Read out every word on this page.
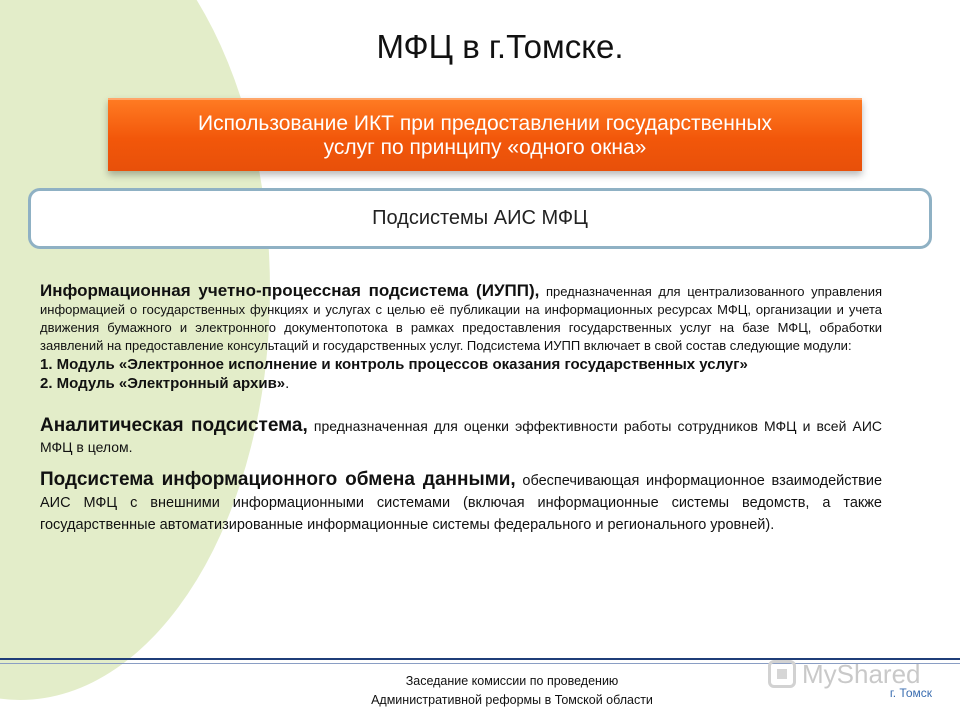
МФЦ в г.Томске.
Использование ИКТ при предоставлении государственных
услуг по принципу «одного окна»
Подсистемы АИС МФЦ
Информационная учетно-процессная подсистема (ИУПП), предназначенная для централизованного управления информацией о государственных функциях и услугах с целью её публикации на информационных ресурсах МФЦ, организации и учета движения бумажного и электронного документопотока в рамках предоставления государственных услуг на базе МФЦ, обработки заявлений на предоставление консультаций и государственных услуг. Подсистема ИУПП включает в свой состав следующие модули:
1. Модуль «Электронное исполнение и контроль процессов оказания государственных услуг»
2. Модуль «Электронный архив».
Аналитическая подсистема, предназначенная для оценки эффективности работы сотрудников МФЦ и всей АИС МФЦ в целом.
Подсистема информационного обмена данными, обеспечивающая информационное взаимодействие АИС МФЦ с внешними информационными системами (включая информационные системы ведомств, а также государственные автоматизированные информационные системы федерального и регионального уровней).
Заседание комиссии по проведению
Административной реформы в Томской области
MyShared
г. Томск
